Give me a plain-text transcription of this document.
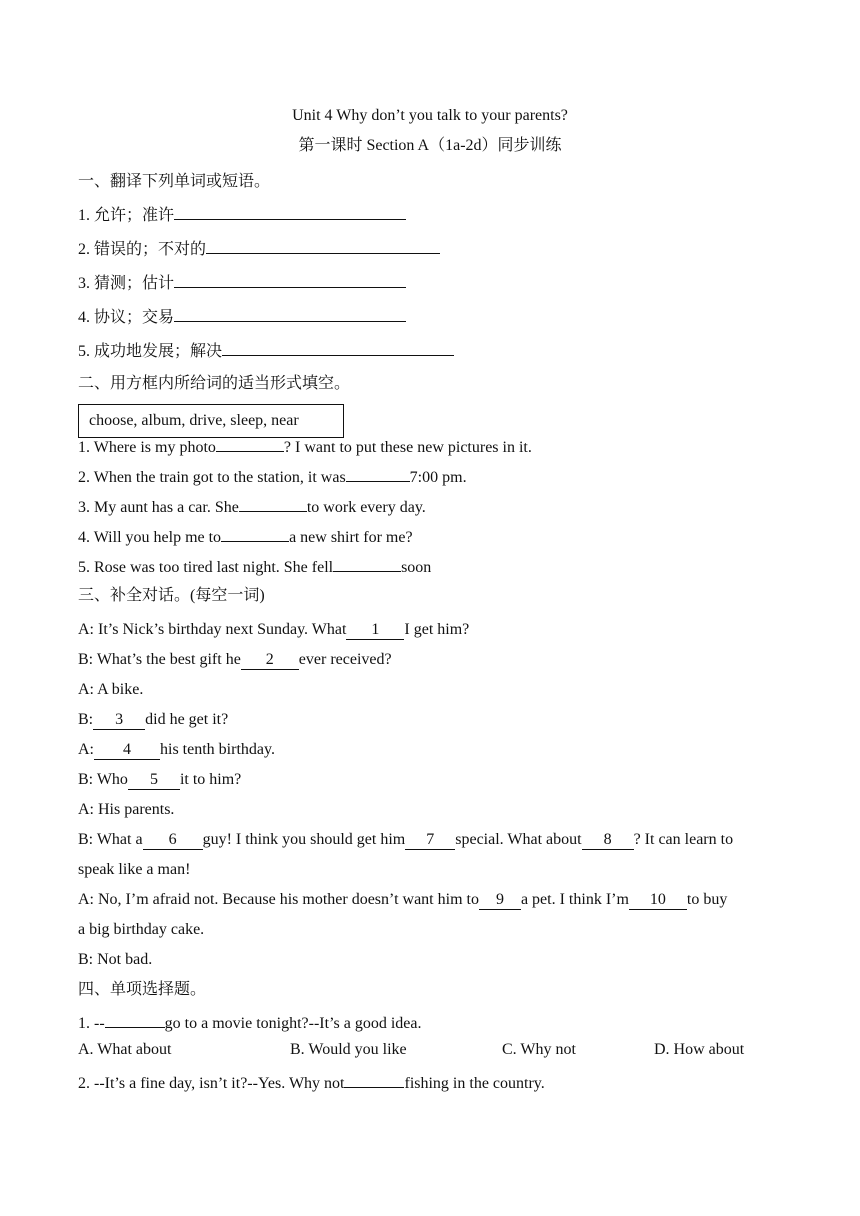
Unit 4 Why don’t you talk to your parents?
第一课时 Section A（1a-2d）同步训练
一、翻译下列单词或短语。
1. 允许；准许
2. 错误的；不对的
3. 猜测；估计
4. 协议；交易
5. 成功地发展；解决
二、用方框内所给词的适当形式填空。
1. Where is my photo	? I want to put these new pictures in it.
choose, album, drive, sleep, near
2. When the train got to the station, it was	7:00 pm.
3. My aunt has a car. She	to work every day.
4. Will you help me to	a new shirt for me?
5. Rose was too tired last night. She fell	soon
三、补全对话。(每空一词)
A: It’s Nick’s birthday next Sunday. What 1 I get him?
B: What’s the best gift he 2 ever received?
A: A bike.
B: 3 did he get it?
A: 4 his tenth birthday.
B: Who 5 it to him?
A: His parents.
B: What a 6 guy! I think you should get him 7 special. What about 8 ? It can learn to
speak like a man!
A: No, I’m afraid not. Because his mother doesn’t want him to 9 a pet. I think I’m 10 to buy
a big birthday cake.
B: Not bad.
四、单项选择题。
1. --	go to a movie tonight?--It’s a good idea.
A. What about	B. Would you like	C. Why not	D. How about
2. --It’s a fine day, isn’t it?--Yes. Why not	fishing in the country.
